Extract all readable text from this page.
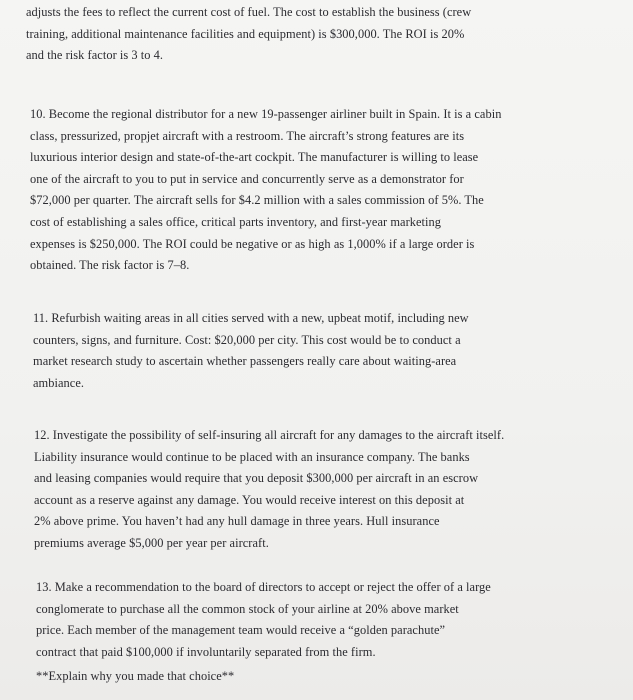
adjusts the fees to reflect the current cost of fuel. The cost to establish the business (crew
training, additional maintenance facilities and equipment) is $300,000. The ROI is 20%
and the risk factor is 3 to 4.

10. Become the regional distributor for a new 19-passenger airliner built in Spain. It is a cabin
class, pressurized, propjet aircraft with a restroom. The aircraft’s strong features are its
luxurious interior design and state-of-the-art cockpit. The manufacturer is willing to lease
one of the aircraft to you to put in service and concurrently serve as a demonstrator for
$72,000 per quarter. The aircraft sells for $4.2 million with a sales commission of 5%. The
cost of establishing a sales office, critical parts inventory, and first-year marketing
expenses is $250,000. The ROI could be negative or as high as 1,000% if a large order is
obtained. The risk factor is 7–8.

11. Refurbish waiting areas in all cities served with a new, upbeat motif, including new
counters, signs, and furniture. Cost: $20,000 per city. This cost would be to conduct a
market research study to ascertain whether passengers really care about waiting-area
ambiance.

12. Investigate the possibility of self-insuring all aircraft for any damages to the aircraft itself.
Liability insurance would continue to be placed with an insurance company. The banks
and leasing companies would require that you deposit $300,000 per aircraft in an escrow
account as a reserve against any damage. You would receive interest on this deposit at
2% above prime. You haven’t had any hull damage in three years. Hull insurance
premiums average $5,000 per year per aircraft.

13. Make a recommendation to the board of directors to accept or reject the offer of a large
conglomerate to purchase all the common stock of your airline at 20% above market
price. Each member of the management team would receive a “golden parachute”
contract that paid $100,000 if involuntarily separated from the firm.
**Explain why you made that choice**
